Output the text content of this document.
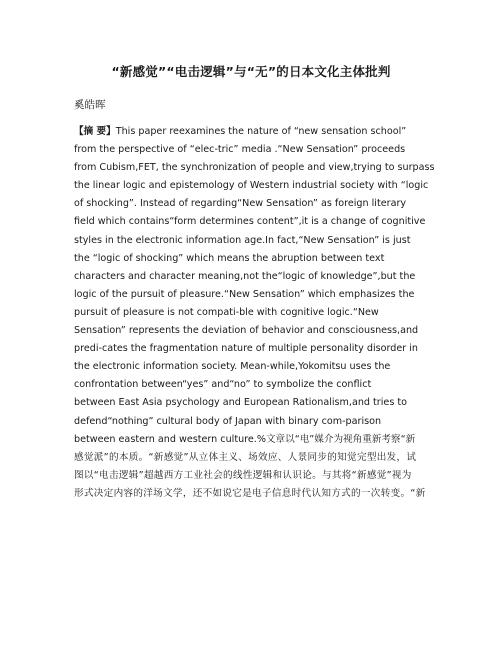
“新感觉”“电击逻辑”与“无”的日本文化主体批判
奚皓晖
【摘 要】This paper reexamines the nature of “new sensation school”
from the perspective of “elec-tric” media .“New Sensation” proceeds
from Cubism,FET, the synchronization of people and view,trying to surpass
the linear logic and epistemology of Western industrial society with “logic
of shocking”. Instead of regarding“New Sensation” as foreign literary
field which contains“form determines content”,it is a change of cognitive
styles in the electronic information age.In fact,“New Sensation” is just
the “logic of shocking” which means the abruption between text
characters and character meaning,not the“logic of knowledge”,but the
logic of the pursuit of pleasure.“New Sensation” which emphasizes the
pursuit of pleasure is not compati-ble with cognitive logic.“New
Sensation” represents the deviation of behavior and consciousness,and
predi-cates the fragmentation nature of multiple personality disorder in
the electronic information society. Mean-while,Yokomitsu uses the
confrontation between“yes” and“no” to symbolize the conflict
between East Asia psychology and European Rationalism,and tries to
defend“nothing” cultural body of Japan with binary com-parison
between eastern and western culture.%文章以“电”媒介为视角重新考察“新
感觉派”的本质。“新感觉”从立体主义、场效应、人景同步的知觉完型出发，试
图以“电击逻辑”超越西方工业社会的线性逻辑和认识论。与其将“新感觉”视为
形式决定内容的洋场文学，还不如说它是电子信息时代认知方式的一次转变。“新
